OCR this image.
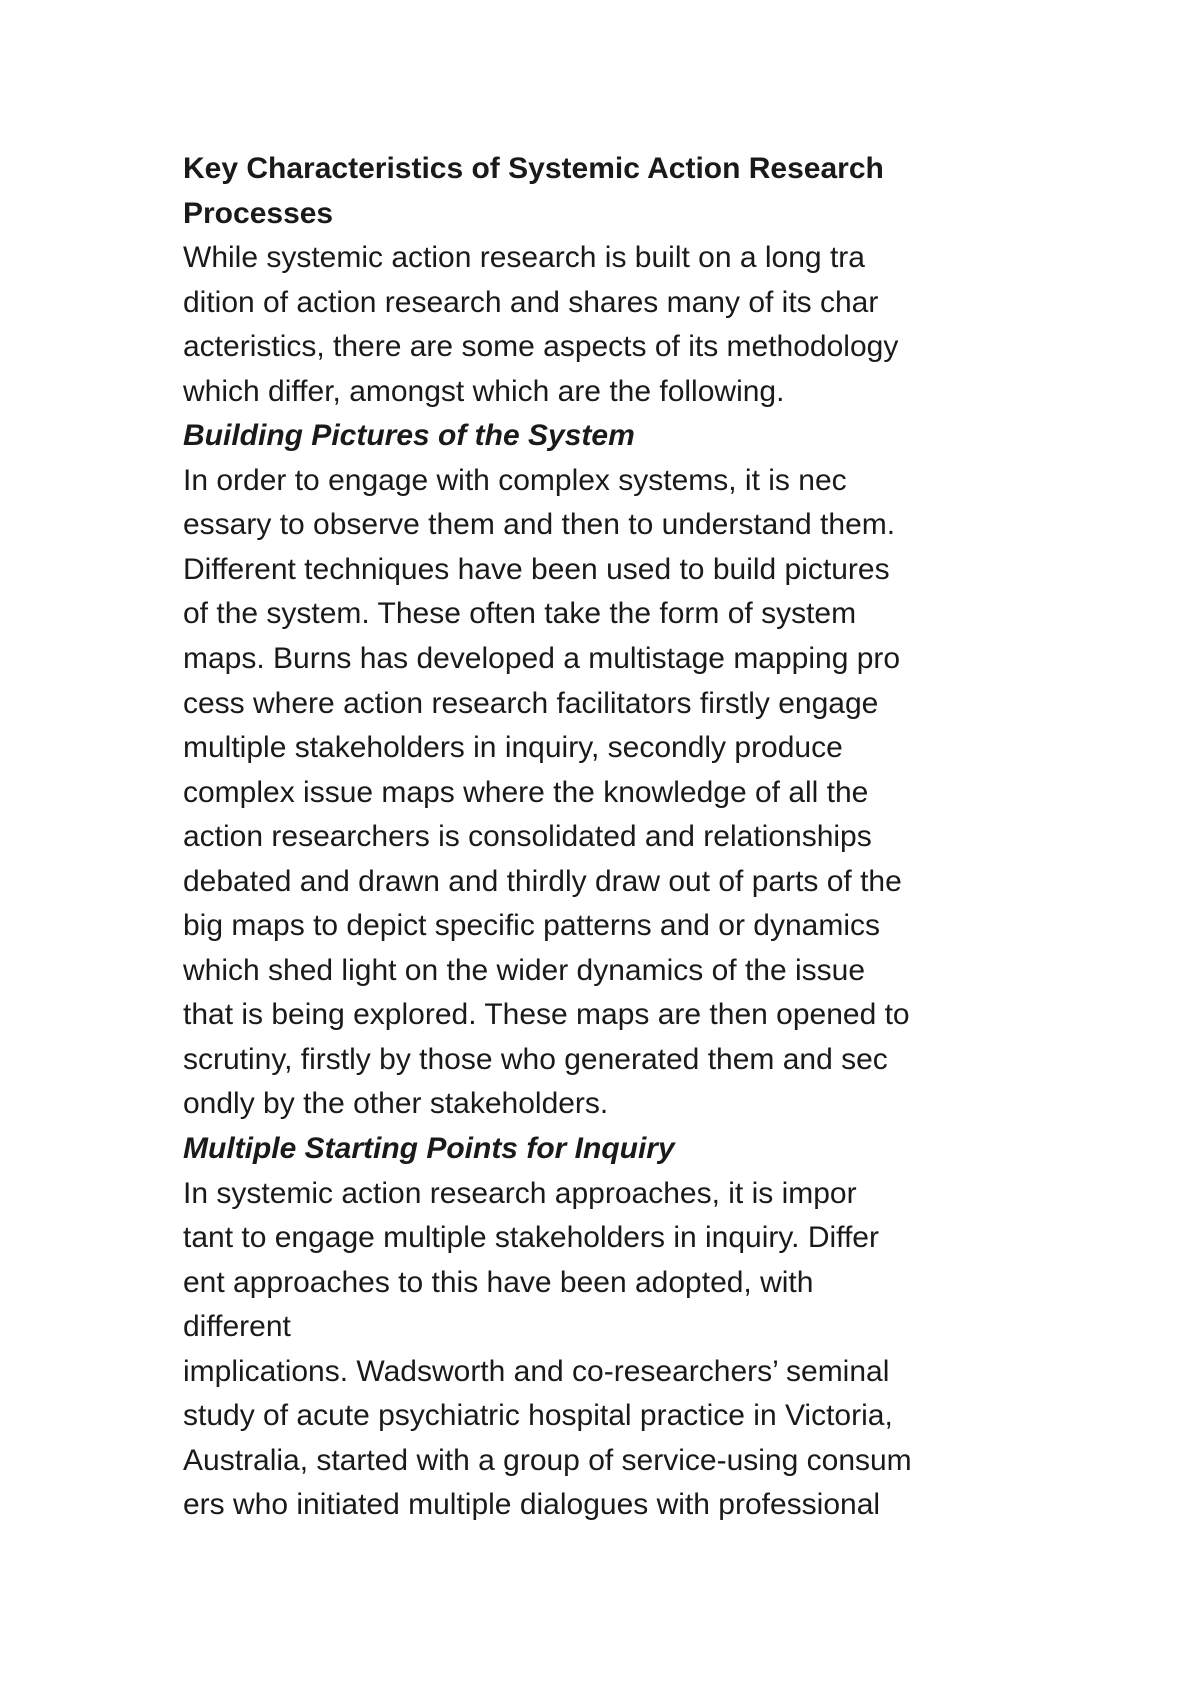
Key Characteristics of Systemic Action Research
Processes
While systemic action research is built on a long tra
dition of action research and shares many of its char
acteristics, there are some aspects of its methodology
which differ, amongst which are the following.
Building Pictures of the System
In order to engage with complex systems, it is nec
essary to observe them and then to understand them.
Different techniques have been used to build pictures
of the system. These often take the form of system
maps. Burns has developed a multistage mapping pro
cess where action research facilitators firstly engage
multiple stakeholders in inquiry, secondly produce
complex issue maps where the knowledge of all the
action researchers is consolidated and relationships
debated and drawn and thirdly draw out of parts of the
big maps to depict specific patterns and or dynamics
which shed light on the wider dynamics of the issue
that is being explored. These maps are then opened to
scrutiny, firstly by those who generated them and sec
ondly by the other stakeholders.
Multiple Starting Points for Inquiry
In systemic action research approaches, it is impor
tant to engage multiple stakeholders in inquiry. Differ
ent approaches to this have been adopted, with
different
implications. Wadsworth and co-researchers’ seminal
study of acute psychiatric hospital practice in Victoria,
Australia, started with a group of service-using consum
ers who initiated multiple dialogues with professional
